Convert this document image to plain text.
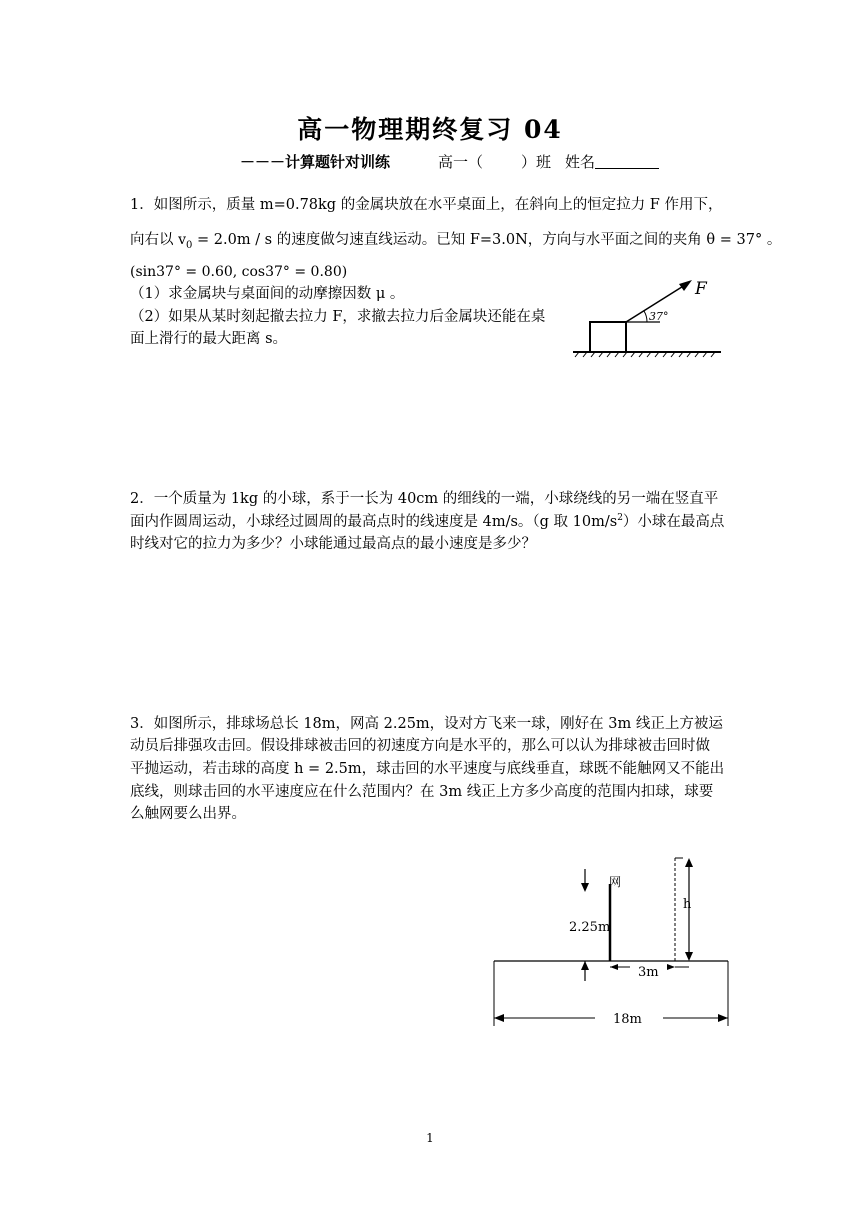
高一物理期终复习 04
－－－计算题针对训练	高一（	）班 姓名
1．如图所示，质量 m=0.78kg 的金属块放在水平桌面上，在斜向上的恒定拉力 F 作用下，
向右以 $v_0 = 2.0m / s$ 的速度做匀速直线运动。已知 F=3.0N，方向与水平面之间的夹角 θ = 37° 。
(sin37° = 0.60, cos37° = 0.80)
（1）求金属块与桌面间的动摩擦因数 μ 。
（2）如果从某时刻起撤去拉力 F，求撤去拉力后金属块还能在桌
面上滑行的最大距离 s。
37°
F
2．一个质量为 1kg 的小球，系于一长为 40cm 的细线的一端，小球绕线的另一端在竖直平
面内作圆周运动，小球经过圆周的最高点时的线速度是 4m/s。（g 取 $10m/s^2$）小球在最高点
时线对它的拉力为多少？小球能通过最高点的最小速度是多少？
3．如图所示，排球场总长 18m，网高 2.25m，设对方飞来一球，刚好在 3m 线正上方被运
动员后排强攻击回。假设排球被击回的初速度方向是水平的，那么可以认为排球被击回时做
平抛运动，若击球的高度 h = 2.5m，球击回的水平速度与底线垂直，球既不能触网又不能出
底线，则球击回的水平速度应在什么范围内？在 3m 线正上方多少高度的范围内扣球，球要
么触网要么出界。
网
2.25m
h
3m
18m
1
